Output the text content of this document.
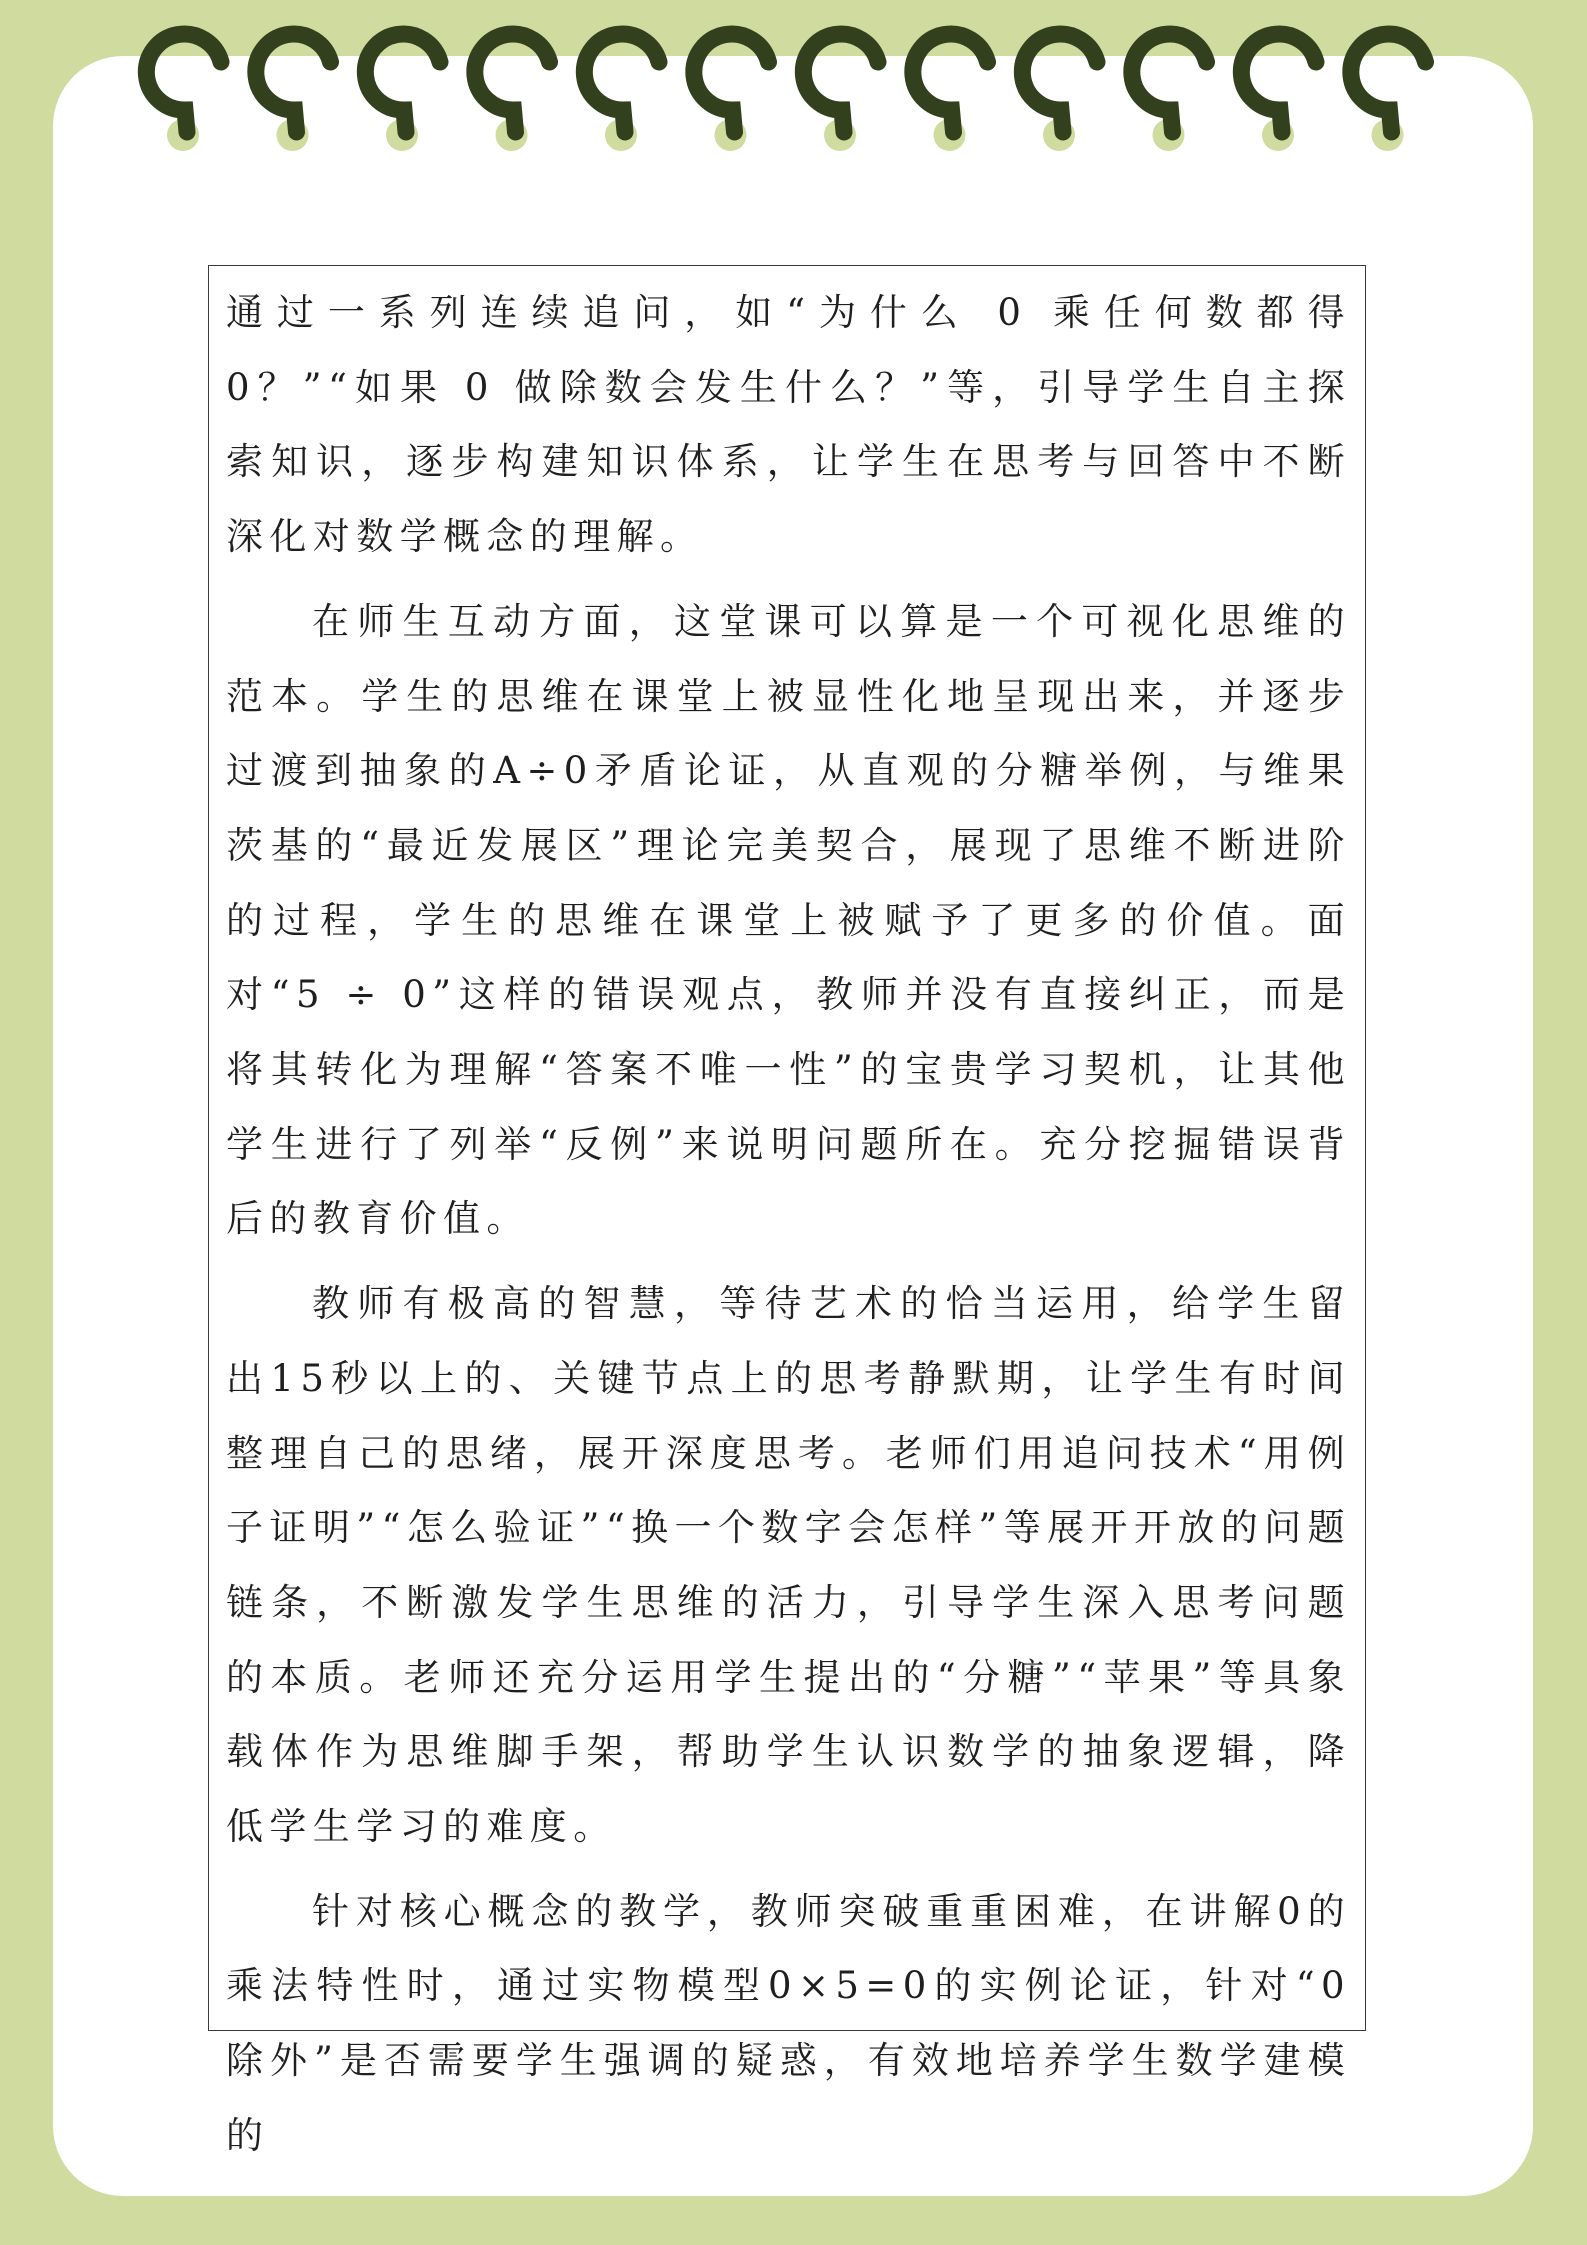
通过一系列连续追问，如“为什么 0 乘任何数都得 0？”“如果 0 做除数会发生什么？”等，引导学生自主探索知识，逐步构建知识体系，让学生在思考与回答中不断深化对数学概念的理解。

在师生互动方面，这堂课可以算是一个可视化思维的范本。学生的思维在课堂上被显性化地呈现出来，并逐步过渡到抽象的A÷0矛盾论证，从直观的分糖举例，与维果茨基的“最近发展区”理论完美契合，展现了思维不断进阶的过程，学生的思维在课堂上被赋予了更多的价值。面对“5 ÷ 0”这样的错误观点，教师并没有直接纠正，而是将其转化为理解“答案不唯一性”的宝贵学习契机，让其他学生进行了列举“反例”来说明问题所在。充分挖掘错误背后的教育价值。

教师有极高的智慧，等待艺术的恰当运用，给学生留出15秒以上的、关键节点上的思考静默期，让学生有时间整理自己的思绪，展开深度思考。老师们用追问技术“用例子证明”“怎么验证”“换一个数字会怎样”等展开开放的问题链条，不断激发学生思维的活力，引导学生深入思考问题的本质。老师还充分运用学生提出的“分糖”“苹果”等具象载体作为思维脚手架，帮助学生认识数学的抽象逻辑，降低学生学习的难度。

针对核心概念的教学，教师突破重重困难，在讲解0的乘法特性时，通过实物模型0×5=0的实例论证，针对“0除外”是否需要学生强调的疑惑，有效地培养学生数学建模的
